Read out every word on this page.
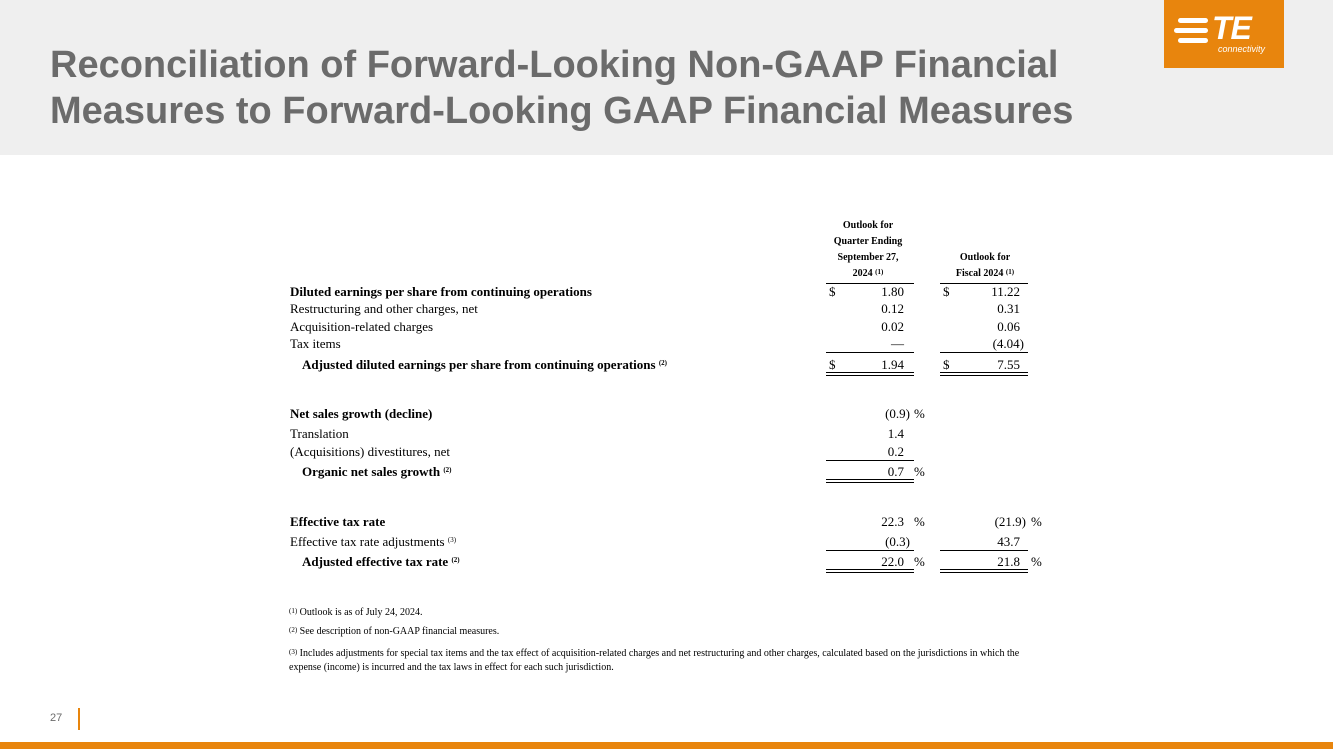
Reconciliation of Forward-Looking Non-GAAP Financial
Measures to Forward-Looking GAAP Financial Measures
TE
connectivity
Outlook for
Quarter Ending
September 27,
2024 $^{(1)}$
Outlook for
Fiscal 2024 $^{(1)}$
Diluted earnings per share from continuing operations	$	1.80	$	11.22
Restructuring and other charges, net	0.12	0.31
Acquisition-related charges	0.02	0.06
Tax items	—	(4.04)
Adjusted diluted earnings per share from continuing operations $^{(2)}$	$	1.94	$	7.55
Net sales growth (decline)	(0.9) %
Translation	1.4
(Acquisitions) divestitures, net	0.2
Organic net sales growth $^{(2)}$	0.7 %
Effective tax rate	22.3 %	(21.9) %
Effective tax rate adjustments $^{(3)}$	(0.3)	43.7
Adjusted effective tax rate $^{(2)}$	22.0 %	21.8 %
$^{(1)}$ Outlook is as of July 24, 2024.
$^{(2)}$ See description of non-GAAP financial measures.
$^{(3)}$ Includes adjustments for special tax items and the tax effect of acquisition-related charges and net restructuring and other charges, calculated based on the jurisdictions in which the expense (income) is incurred and the tax laws in effect for each such jurisdiction.
27
